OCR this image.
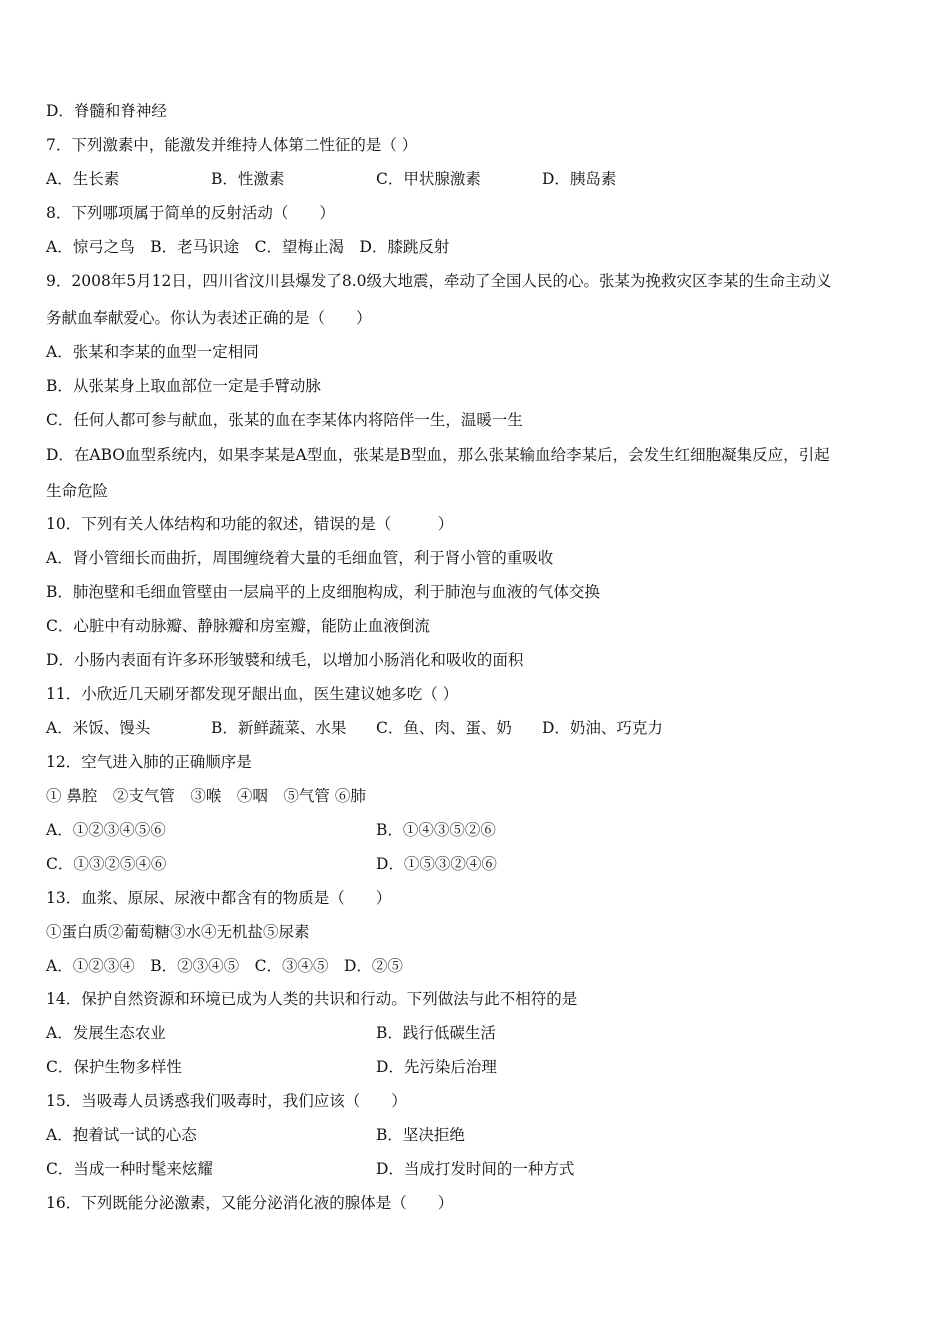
D．脊髓和脊神经
7．下列激素中，能激发并维持人体第二性征的是（ ）
A．生长素	B．性激素	C．甲状腺激素	D．胰岛素
8．下列哪项属于简单的反射活动（　　）
A．惊弓之鸟　B．老马识途　C．望梅止渴　D．膝跳反射
9．2008年5月12日，四川省汶川县爆发了8.0级大地震，牵动了全国人民的心。张某为挽救灾区李某的生命主动义
务献血奉献爱心。你认为表述正确的是（　　）
A．张某和李某的血型一定相同
B．从张某身上取血部位一定是手臂动脉
C．任何人都可参与献血，张某的血在李某体内将陪伴一生，温暖一生
D．在ABO血型系统内，如果李某是A型血，张某是B型血，那么张某输血给李某后，会发生红细胞凝集反应，引起
生命危险
10．下列有关人体结构和功能的叙述，错误的是（　　　）
A．肾小管细长而曲折，周围缠绕着大量的毛细血管，利于肾小管的重吸收
B．肺泡壁和毛细血管壁由一层扁平的上皮细胞构成，利于肺泡与血液的气体交换
C．心脏中有动脉瓣、静脉瓣和房室瓣，能防止血液倒流
D．小肠内表面有许多环形皱襞和绒毛，以增加小肠消化和吸收的面积
11．小欣近几天刷牙都发现牙龈出血，医生建议她多吃（ ）
A．米饭、馒头	B．新鲜蔬菜、水果 C．鱼、肉、蛋、奶 D．奶油、巧克力
12．空气进入肺的正确顺序是
① 鼻腔　②支气管　③喉　④咽　⑤气管 ⑥肺
A．①②③④⑤⑥	B．①④③⑤②⑥
C．①③②⑤④⑥	D．①⑤③②④⑥
13．血浆、原尿、尿液中都含有的物质是（　　）
①蛋白质②葡萄糖③水④无机盐⑤尿素
A．①②③④　B．②③④⑤　C．③④⑤　D．②⑤
14．保护自然资源和环境已成为人类的共识和行动。下列做法与此不相符的是
A．发展生态农业	B．践行低碳生活
C．保护生物多样性	D．先污染后治理
15．当吸毒人员诱惑我们吸毒时，我们应该（　　）
A．抱着试一试的心态	B．坚决拒绝
C．当成一种时髦来炫耀	D．当成打发时间的一种方式
16．下列既能分泌激素，又能分泌消化液的腺体是（　　）
